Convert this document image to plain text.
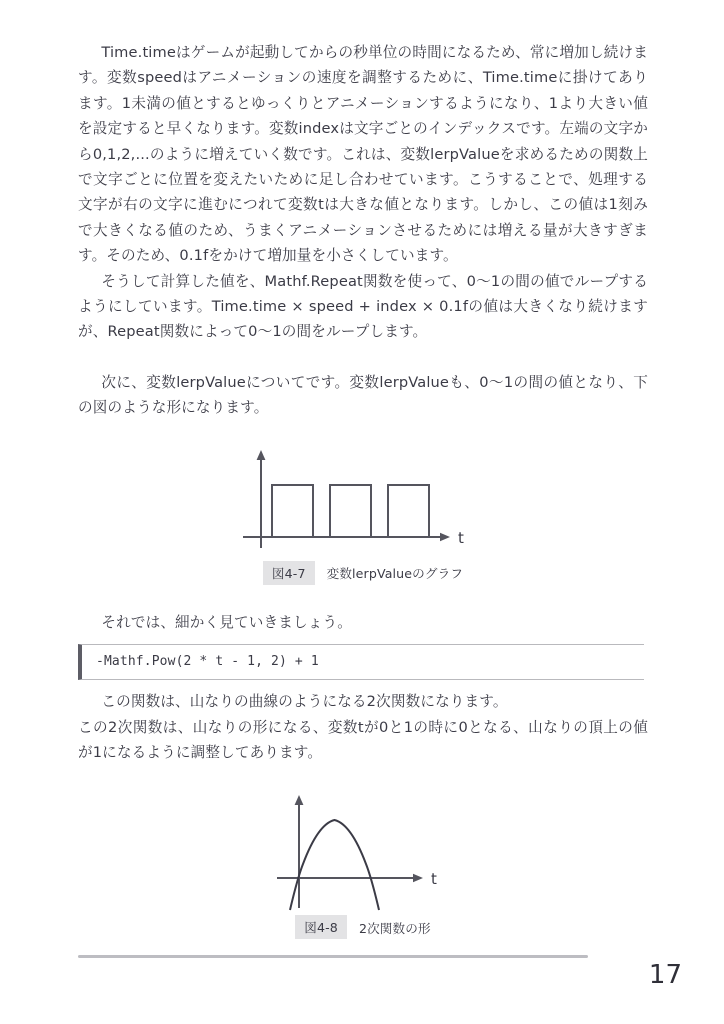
Time.timeはゲームが起動してからの秒単位の時間になるため、常に増加し続けます。変数speedはアニメーションの速度を調整するために、Time.timeに掛けてあります。1未満の値とするとゆっくりとアニメーションするようになり、1より大きい値を設定すると早くなります。変数indexは文字ごとのインデックスです。左端の文字から0,1,2,...のように増えていく数です。これは、変数lerpValueを求めるための関数上で文字ごとに位置を変えたいために足し合わせています。こうすることで、処理する文字が右の文字に進むにつれて変数tは大きな値となります。しかし、この値は1刻みで大きくなる値のため、うまくアニメーションさせるためには増える量が大きすぎます。そのため、0.1fをかけて増加量を小さくしています。

そうして計算した値を、Mathf.Repeat関数を使って、0〜1の間の値でループするようにしています。Time.time × speed + index × 0.1fの値は大きくなり続けますが、Repeat関数によって0〜1の間をループします。

次に、変数lerpValueについてです。変数lerpValueも、0〜1の間の値となり、下の図のような形になります。

t
図4-7	変数lerpValueのグラフ

それでは、細かく見ていきましょう。

-Mathf.Pow(2 * t - 1, 2) + 1

この関数は、山なりの曲線のようになる2次関数になります。

この2次関数は、山なりの形になる、変数tが0と1の時に0となる、山なりの頂上の値が1になるように調整してあります。

t
図4-8	2次関数の形
17
